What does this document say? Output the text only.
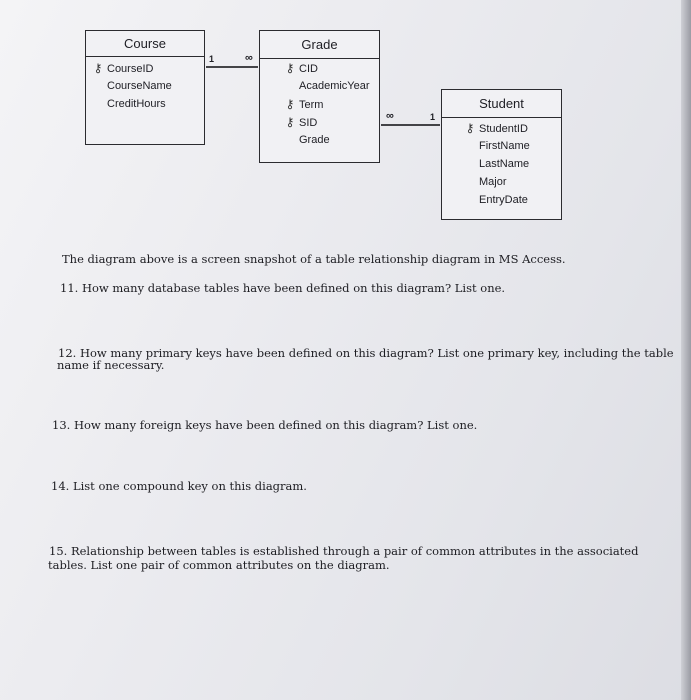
Course
⚷ CourseID
CourseName
CreditHours
Grade
⚷ CID
AcademicYear
⚷ Term
⚷ SID
Grade
Student
⚷ StudentID
FirstName
LastName
Major
EntryDate
1	∞
∞	1
The diagram above is a screen snapshot of a table relationship diagram in MS Access.
11. How many database tables have been defined on this diagram? List one.
12. How many primary keys have been defined on this diagram? List one primary key, including the table
name if necessary.
13. How many foreign keys have been defined on this diagram? List one.
14. List one compound key on this diagram.
15. Relationship between tables is established through a pair of common attributes in the associated
tables. List one pair of common attributes on the diagram.
